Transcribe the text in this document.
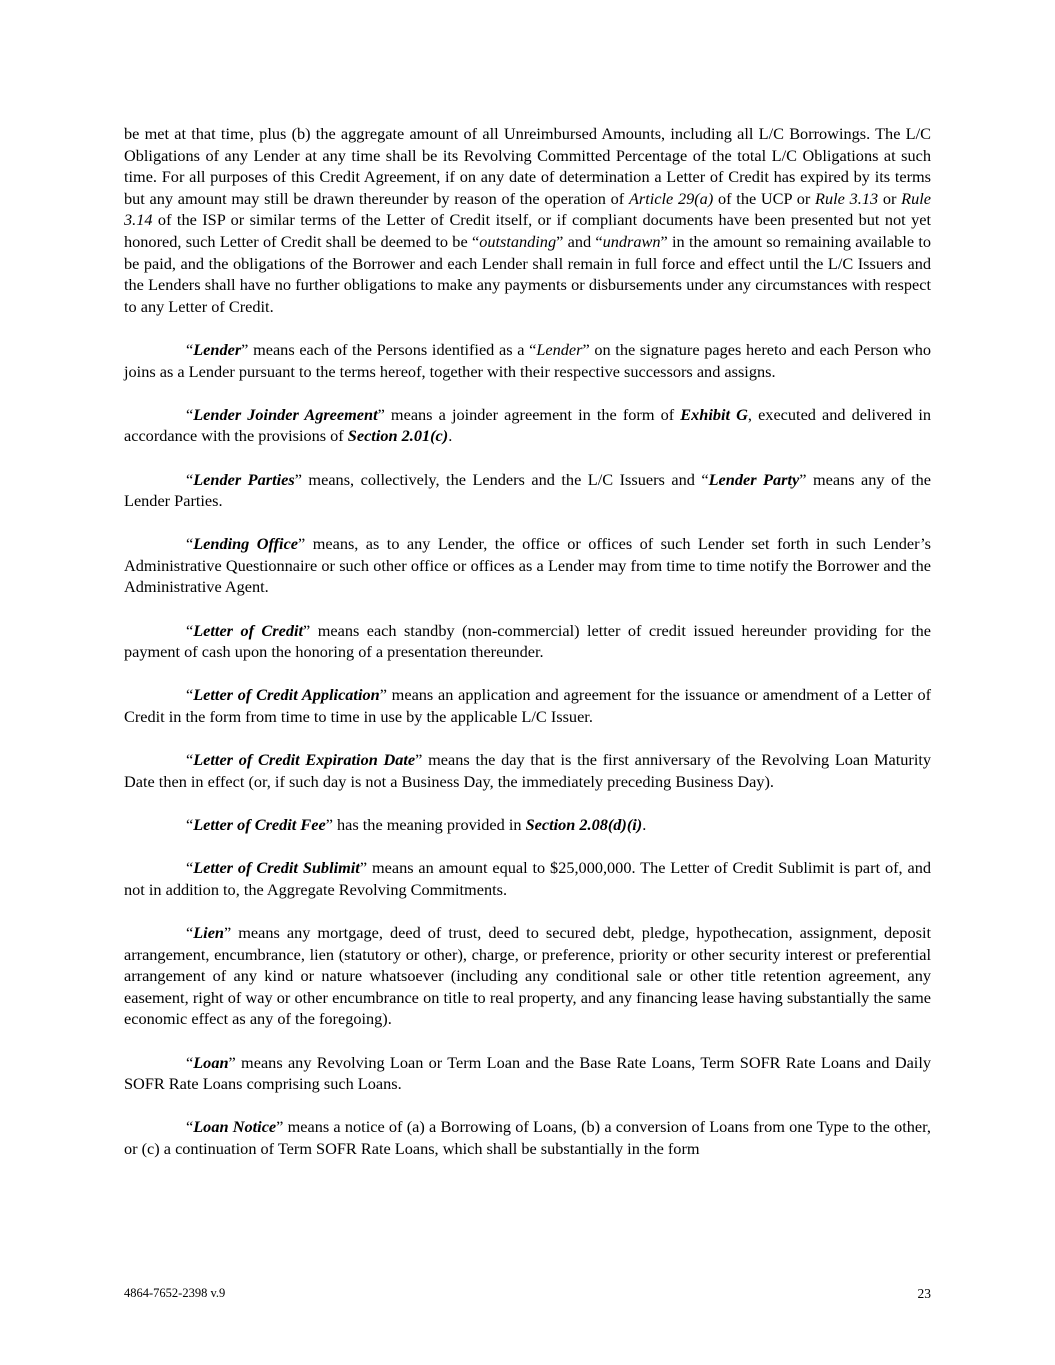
be met at that time, plus (b) the aggregate amount of all Unreimbursed Amounts, including all L/C Borrowings. The L/C Obligations of any Lender at any time shall be its Revolving Committed Percentage of the total L/C Obligations at such time. For all purposes of this Credit Agreement, if on any date of determination a Letter of Credit has expired by its terms but any amount may still be drawn thereunder by reason of the operation of Article 29(a) of the UCP or Rule 3.13 or Rule 3.14 of the ISP or similar terms of the Letter of Credit itself, or if compliant documents have been presented but not yet honored, such Letter of Credit shall be deemed to be “outstanding” and “undrawn” in the amount so remaining available to be paid, and the obligations of the Borrower and each Lender shall remain in full force and effect until the L/C Issuers and the Lenders shall have no further obligations to make any payments or disbursements under any circumstances with respect to any Letter of Credit.

“Lender” means each of the Persons identified as a “Lender” on the signature pages hereto and each Person who joins as a Lender pursuant to the terms hereof, together with their respective successors and assigns.

“Lender Joinder Agreement” means a joinder agreement in the form of Exhibit G, executed and delivered in accordance with the provisions of Section 2.01(c).

“Lender Parties” means, collectively, the Lenders and the L/C Issuers and “Lender Party” means any of the Lender Parties.

“Lending Office” means, as to any Lender, the office or offices of such Lender set forth in such Lender’s Administrative Questionnaire or such other office or offices as a Lender may from time to time notify the Borrower and the Administrative Agent.

“Letter of Credit” means each standby (non-commercial) letter of credit issued hereunder providing for the payment of cash upon the honoring of a presentation thereunder.

“Letter of Credit Application” means an application and agreement for the issuance or amendment of a Letter of Credit in the form from time to time in use by the applicable L/C Issuer.

“Letter of Credit Expiration Date” means the day that is the first anniversary of the Revolving Loan Maturity Date then in effect (or, if such day is not a Business Day, the immediately preceding Business Day).

“Letter of Credit Fee” has the meaning provided in Section 2.08(d)(i).

“Letter of Credit Sublimit” means an amount equal to $25,000,000. The Letter of Credit Sublimit is part of, and not in addition to, the Aggregate Revolving Commitments.

“Lien” means any mortgage, deed of trust, deed to secured debt, pledge, hypothecation, assignment, deposit arrangement, encumbrance, lien (statutory or other), charge, or preference, priority or other security interest or preferential arrangement of any kind or nature whatsoever (including any conditional sale or other title retention agreement, any easement, right of way or other encumbrance on title to real property, and any financing lease having substantially the same economic effect as any of the foregoing).

“Loan” means any Revolving Loan or Term Loan and the Base Rate Loans, Term SOFR Rate Loans and Daily SOFR Rate Loans comprising such Loans.

“Loan Notice” means a notice of (a) a Borrowing of Loans, (b) a conversion of Loans from one Type to the other, or (c) a continuation of Term SOFR Rate Loans, which shall be substantially in the form

4864-7652-2398 v.9	23
